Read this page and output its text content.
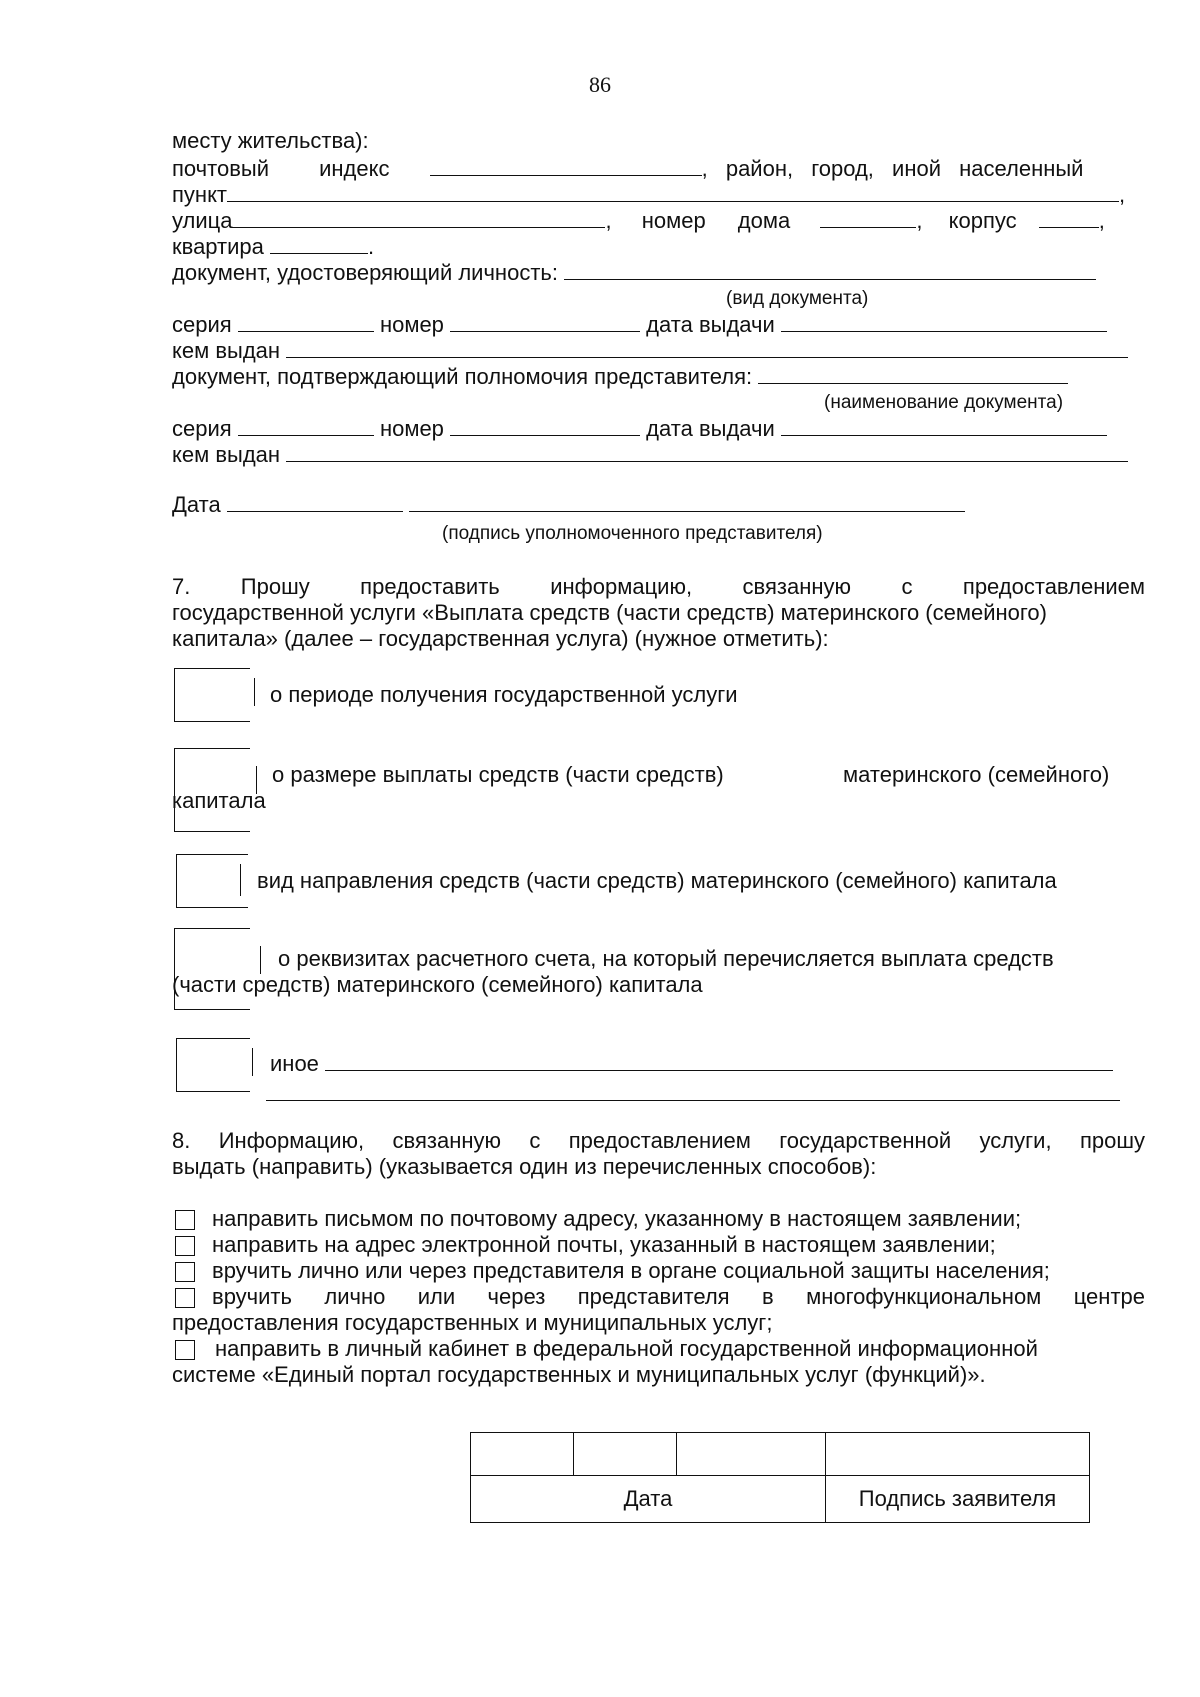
86
месту жительства):
почтовый индекс	, район, город, иной населенный
пункт	,
улица	, номер дома	, корпус	,
квартира	.
документ, удостоверяющий личность:
(вид документа)
серия	номер	дата выдачи
кем выдан
документ, подтверждающий полномочия представителя:
(наименование документа)
серия	номер	дата выдачи
кем выдан
Дата
(подпись уполномоченного представителя)
7. Прошу предоставить информацию, связанную с предоставлением
государственной услуги «Выплата средств (части средств) материнского (семейного)
капитала» (далее – государственная услуга) (нужное отметить):
о периоде получения государственной услуги
о размере выплаты средств (части средств)	материнского (семейного)
капитала
вид направления средств (части средств) материнского (семейного) капитала
о реквизитах расчетного счета, на который перечисляется выплата средств
(части средств) материнского (семейного) капитала
иное
8. Информацию, связанную с предоставлением государственной услуги, прошу
выдать (направить) (указывается один из перечисленных способов):
направить письмом по почтовому адресу, указанному в настоящем заявлении;
направить на адрес электронной почты, указанный в настоящем заявлении;
вручить лично или через представителя в органе социальной защиты населения;
вручить лично или через представителя в многофункциональном центре
предоставления государственных и муниципальных услуг;
направить в личный кабинет в федеральной государственной информационной
системе «Единый портал государственных и муниципальных услуг (функций)».

Дата			Подпись заявителя
